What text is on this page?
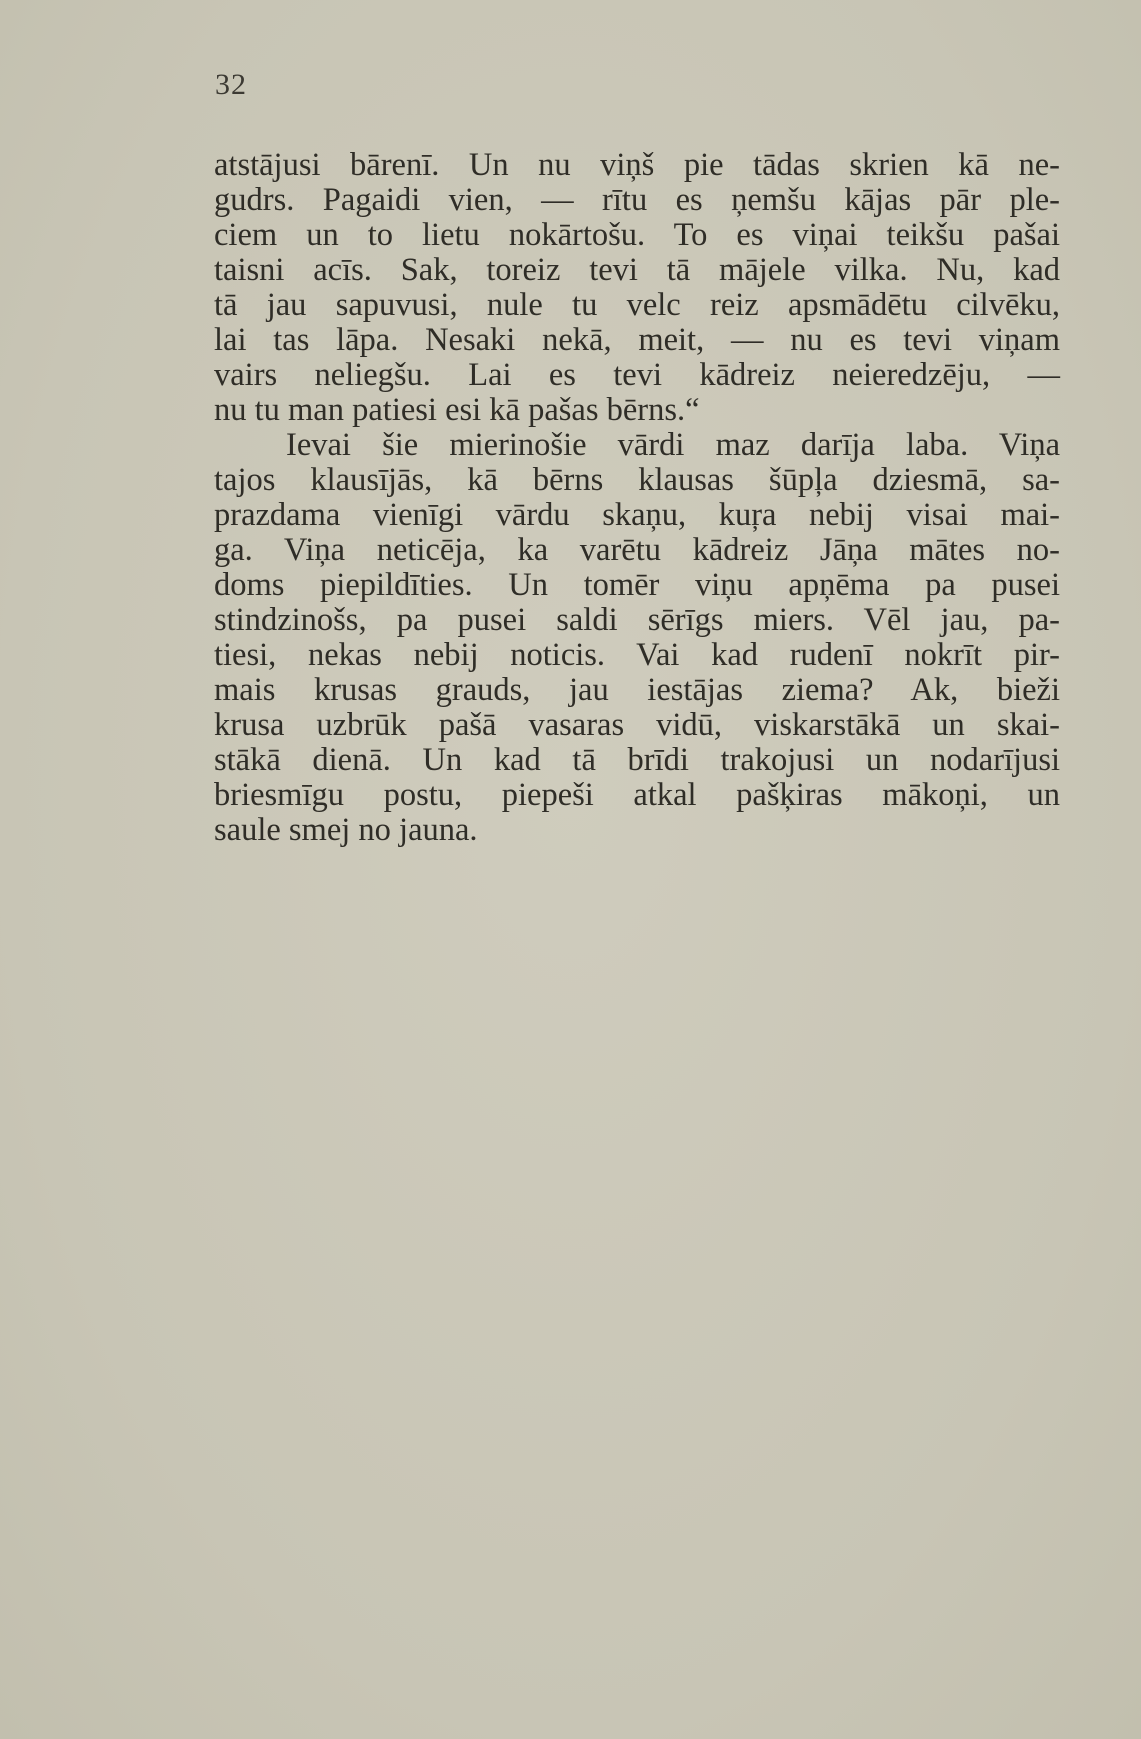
32
atstājusi bārenī. Un nu viņš pie tādas skrien kā ne-
gudrs. Pagaidi vien, — rītu es ņemšu kājas pār ple-
ciem un to lietu nokārtošu. To es viņai teikšu pašai
taisni acīs. Sak, toreiz tevi tā mājele vilka. Nu, kad
tā jau sapuvusi, nule tu velc reiz apsmādētu cilvēku,
lai tas lāpa. Nesaki nekā, meit, — nu es tevi viņam
vairs neliegšu. Lai es tevi kādreiz neieredzēju, —
nu tu man patiesi esi kā pašas bērns.“
Ievai šie mierinošie vārdi maz darīja laba. Viņa
tajos klausījās, kā bērns klausas šūpļa dziesmā, sa-
prazdama vienīgi vārdu skaņu, kuŗa nebij visai mai-
ga. Viņa neticēja, ka varētu kādreiz Jāņa mātes no-
doms piepildīties. Un tomēr viņu apņēma pa pusei
stindzinošs, pa pusei saldi sērīgs miers. Vēl jau, pa-
tiesi, nekas nebij noticis. Vai kad rudenī nokrīt pir-
mais krusas grauds, jau iestājas ziema? Ak, bieži
krusa uzbrūk pašā vasaras vidū, viskarstākā un skai-
stākā dienā. Un kad tā brīdi trakojusi un nodarījusi
briesmīgu postu, piepeši atkal pašķiras mākoņi, un
saule smej no jauna.
